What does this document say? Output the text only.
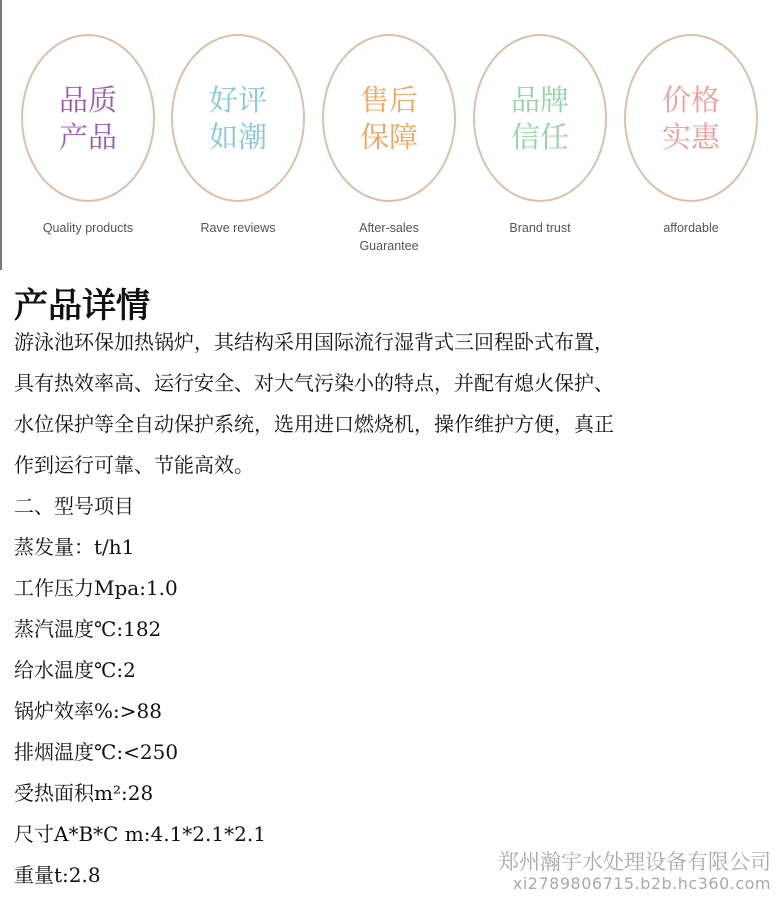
品质
产品
Quality products
好评
如潮
Rave reviews
售后
保障
After-sales
Guarantee
品牌
信任
Brand trust
价格
实惠
affordable
产品详情

游泳池环保加热锅炉，其结构采用国际流行湿背式三回程卧式布置，

具有热效率高、运行安全、对大气污染小的特点，并配有熄火保护、

水位保护等全自动保护系统，选用进口燃烧机，操作维护方便，真正

作到运行可靠、节能高效。

二、型号项目

蒸发量：t/h1

工作压力Mpa:1.0

蒸汽温度℃:182

给水温度℃:2

锅炉效率%:>88

排烟温度℃:<250

受热面积m²:28

尺寸A*B*C m:4.1*2.1*2.1

重量t:2.8

郑州瀚宇水处理设备有限公司
xi2789806715.b2b.hc360.com
